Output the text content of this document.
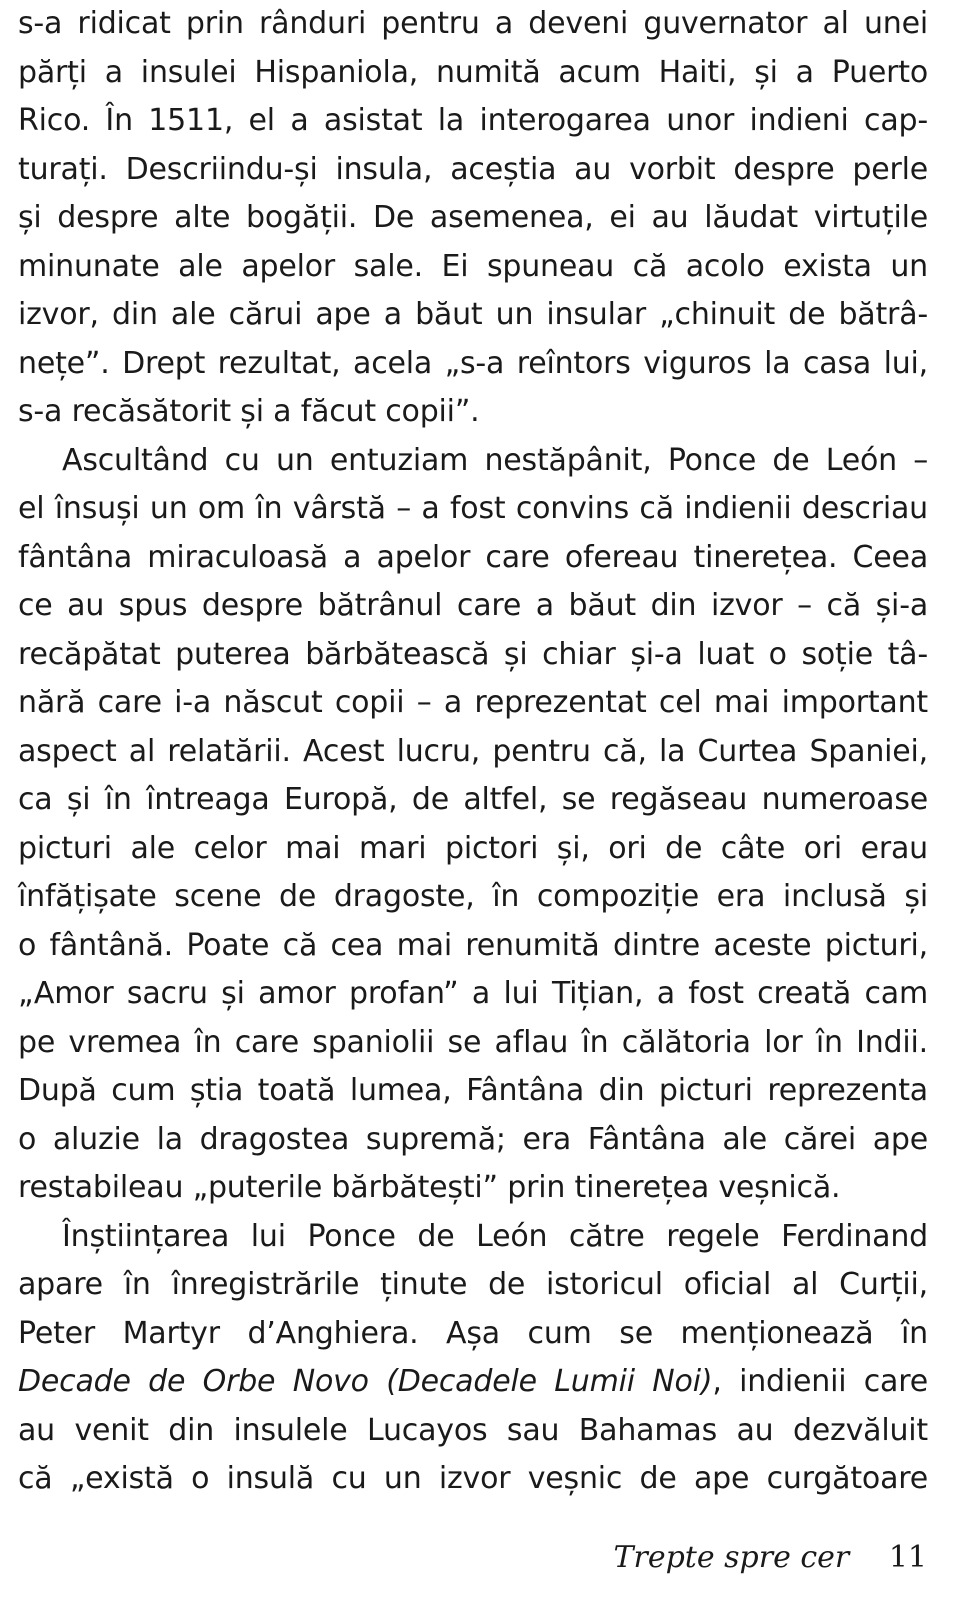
s-a ridicat prin rânduri pentru a deveni guvernator al unei
părți a insulei Hispaniola, numită acum Haiti, și a Puerto
Rico. În 1511, el a asistat la interogarea unor indieni cap-
turați. Descriindu-și insula, aceștia au vorbit despre perle
și despre alte bogății. De asemenea, ei au lăudat virtuțile
minunate ale apelor sale. Ei spuneau că acolo exista un
izvor, din ale cărui ape a băut un insular „chinuit de bătrâ-
nețe”. Drept rezultat, acela „s-a reîntors viguros la casa lui,
s-a recăsătorit și a făcut copii”.
Ascultând cu un entuziam nestăpânit, Ponce de León –
el însuși un om în vârstă – a fost convins că indienii descriau
fântâna miraculoasă a apelor care ofereau tinerețea. Ceea
ce au spus despre bătrânul care a băut din izvor – că și-a
recăpătat puterea bărbătească și chiar și-a luat o soție tâ-
nără care i-a născut copii – a reprezentat cel mai important
aspect al relatării. Acest lucru, pentru că, la Curtea Spaniei,
ca și în întreaga Europă, de altfel, se regăseau numeroase
picturi ale celor mai mari pictori și, ori de câte ori erau
înfățișate scene de dragoste, în compoziție era inclusă și
o fântână. Poate că cea mai renumită dintre aceste picturi,
„Amor sacru și amor profan” a lui Tițian, a fost creată cam
pe vremea în care spaniolii se aflau în călătoria lor în Indii.
După cum știa toată lumea, Fântâna din picturi reprezenta
o aluzie la dragostea supremă; era Fântâna ale cărei ape
restabileau „puterile bărbătești” prin tinerețea veșnică.
Înștiințarea lui Ponce de León către regele Ferdinand
apare în înregistrările ținute de istoricul oficial al Curții,
Peter Martyr d’Anghiera. Așa cum se menționează în
Decade de Orbe Novo (Decadele Lumii Noi), indienii care
au venit din insulele Lucayos sau Bahamas au dezvăluit
că „există o insulă cu un izvor veșnic de ape curgătoare
Trepte spre cer 11
